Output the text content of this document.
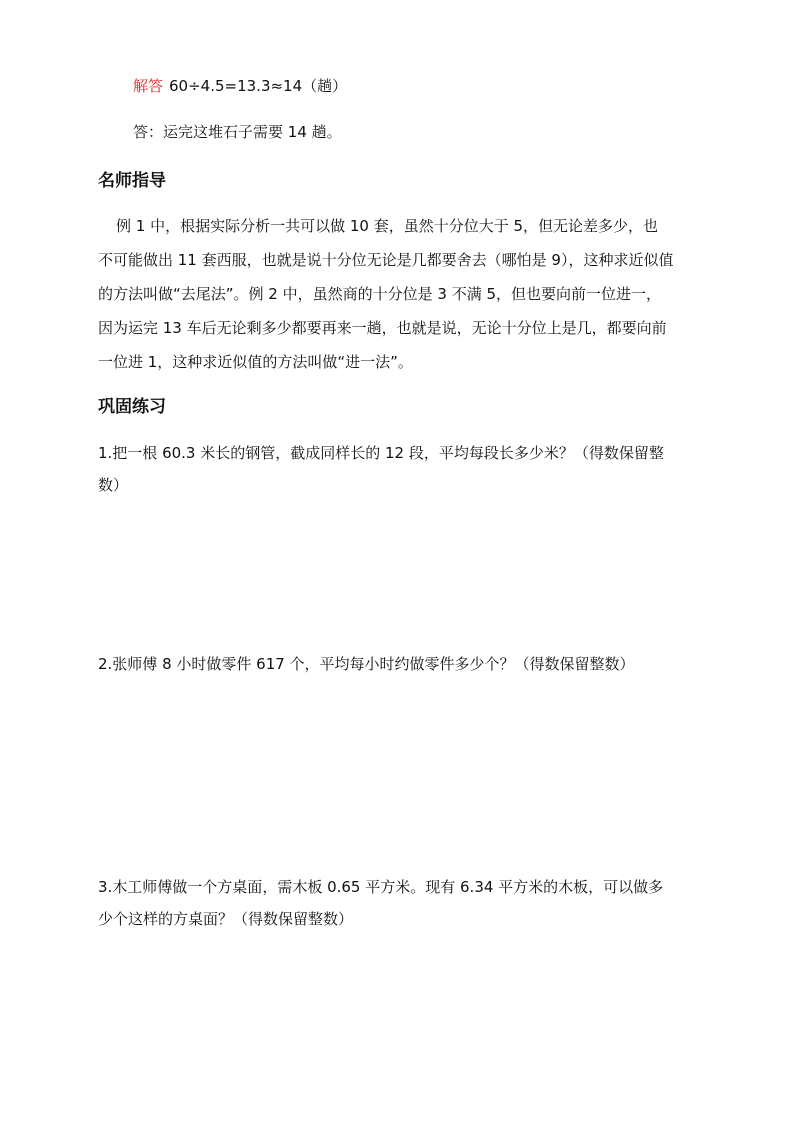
解答 60÷4.5=13.3≈14（趟）
答：运完这堆石子需要 14 趟。
名师指导
例 1 中，根据实际分析一共可以做 10 套，虽然十分位大于 5，但无论差多少，也
不可能做出 11 套西服，也就是说十分位无论是几都要舍去（哪怕是 9），这种求近似值
的方法叫做“去尾法”。例 2 中，虽然商的十分位是 3 不满 5，但也要向前一位进一，
因为运完 13 车后无论剩多少都要再来一趟，也就是说，无论十分位上是几，都要向前
一位进 1，这种求近似值的方法叫做“进一法”。
巩固练习
1.把一根 60.3 米长的钢管，截成同样长的 12 段，平均每段长多少米？（得数保留整
数）
2.张师傅 8 小时做零件 617 个，平均每小时约做零件多少个？（得数保留整数）
3.木工师傅做一个方桌面，需木板 0.65 平方米。现有 6.34 平方米的木板，可以做多
少个这样的方桌面？（得数保留整数）
